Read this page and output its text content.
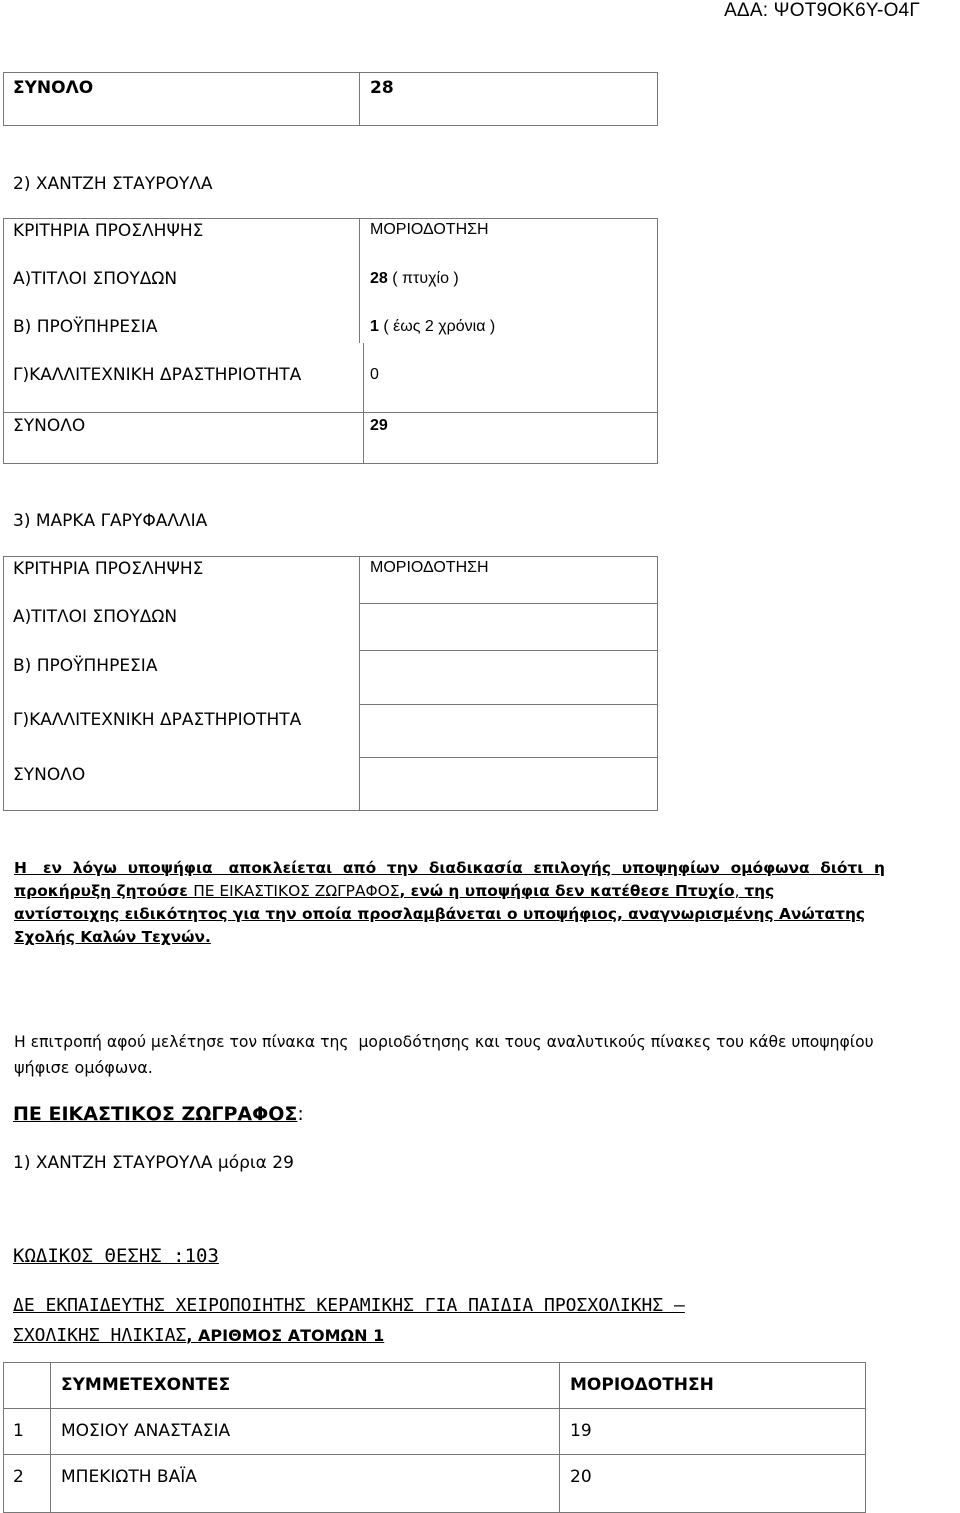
ΑΔΑ: ΨΟΤ9ΟΚ6Υ-Ο4Γ
ΣΥΝΟΛΟ	28
2) ΧΑΝΤΖΗ ΣΤΑΥΡΟΥΛΑ
ΚΡΙΤΗΡΙΑ ΠΡΟΣΛΗΨΗΣ	ΜΟΡΙΟΔΟΤΗΣΗ
Α)ΤΙΤΛΟΙ ΣΠΟΥΔΩΝ	28 ( πτυχίο )
Β) ΠΡΟΫΠΗΡΕΣΙΑ	1 ( έως 2 χρόνια )
Γ)ΚΑΛΛΙΤΕΧΝΙΚΗ ΔΡΑΣΤΗΡΙΟΤΗΤΑ	0
ΣΥΝΟΛΟ	29
3) ΜΑΡΚΑ ΓΑΡΥΦΑΛΛΙΑ
ΚΡΙΤΗΡΙΑ ΠΡΟΣΛΗΨΗΣ	ΜΟΡΙΟΔΟΤΗΣΗ
Α)ΤΙΤΛΟΙ ΣΠΟΥΔΩΝ
Β) ΠΡΟΫΠΗΡΕΣΙΑ
Γ)ΚΑΛΛΙΤΕΧΝΙΚΗ ΔΡΑΣΤΗΡΙΟΤΗΤΑ
ΣΥΝΟΛΟ
Η   εν  λόγω  υποψήφια   αποκλείεται  από  την  διαδικασία  επιλογής  υποψηφίων  ομόφωνα  διότι  η
προκήρυξη ζητούσε ΠΕ ΕΙΚΑΣΤΙΚΟΣ ΖΩΓΡΑΦΟΣ, ενώ η υποψήφια δεν κατέθεσε Πτυχίο, της
αντίστοιχης ειδικότητος για την οποία προσλαμβάνεται ο υποψήφιος, αναγνωρισμένης Ανώτατης
Σχολής Καλών Τεχνών.
Η επιτροπή αφού μελέτησε τον πίνακα της  μοριοδότησης και τους αναλυτικούς πίνακες του κάθε υποψηφίου
ψήφισε ομόφωνα.
ΠΕ ΕΙΚΑΣΤΙΚΟΣ ΖΩΓΡΑΦΟΣ:
1) ΧΑΝΤΖΗ ΣΤΑΥΡΟΥΛΑ μόρια 29
ΚΩΔΙΚΟΣ ΘΕΣΗΣ :103
ΔΕ ΕΚΠΑΙΔΕΥΤΗΣ ΧΕΙΡΟΠΟΙΗΤΗΣ ΚΕΡΑΜΙΚΗΣ ΓΙΑ ΠΑΙΔΙΑ ΠΡΟΣΧΟΛΙΚΗΣ –
ΣΧΟΛΙΚΗΣ ΗΛΙΚΙΑΣ, ΑΡΙΘΜΟΣ ΑΤΟΜΩΝ 1
ΣΥΜΜΕΤΕΧΟΝΤΕΣ	ΜΟΡΙΟΔΟΤΗΣΗ
1 ΜΟΣΙΟΥ ΑΝΑΣΤΑΣΙΑ	19
2 ΜΠΕΚΙΩΤΗ ΒΑΪΑ	20
